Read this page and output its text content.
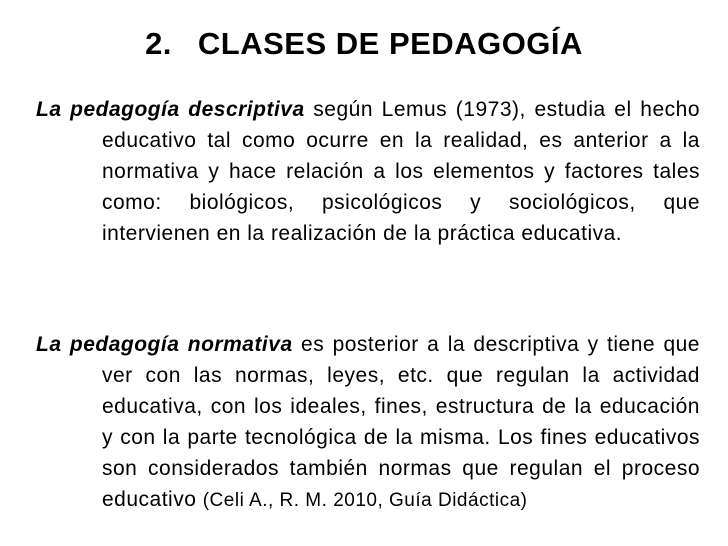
2. CLASES DE PEDAGOGÍA

La pedagogía descriptiva según Lemus (1973), estudia el hecho educativo tal como ocurre en la realidad, es anterior a la normativa y hace relación a los elementos y factores tales como: biológicos, psicológicos y sociológicos, que intervienen en la realización de la práctica educativa.

La pedagogía normativa es posterior a la descriptiva y tiene que ver con las normas, leyes, etc. que regulan la actividad educativa, con los ideales, fines, estructura de la educación y con la parte tecnológica de la misma. Los fines educativos son considerados también normas que regulan el proceso educativo (Celi A., R. M. 2010, Guía Didáctica)
